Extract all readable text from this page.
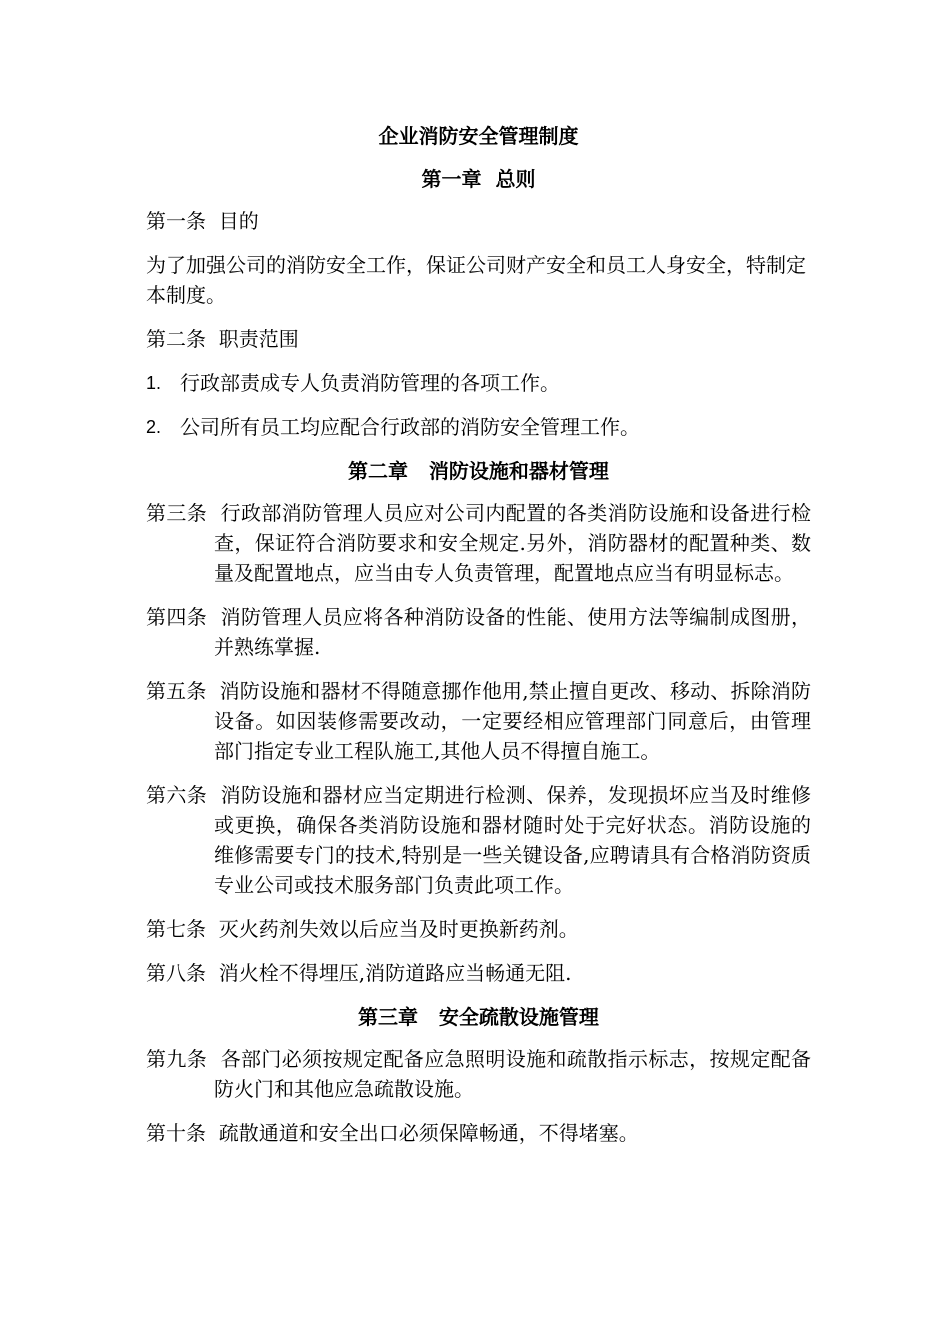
企业消防安全管理制度
第一章  总则
第一条  目的
为了加强公司的消防安全工作，保证公司财产安全和员工人身安全，特制定本制度。
第二条  职责范围
1. 行政部责成专人负责消防管理的各项工作。
2. 公司所有员工均应配合行政部的消防安全管理工作。
第二章   消防设施和器材管理
第三条  行政部消防管理人员应对公司内配置的各类消防设施和设备进行检查，保证符合消防要求和安全规定.另外，消防器材的配置种类、数量及配置地点，应当由专人负责管理，配置地点应当有明显标志。
第四条  消防管理人员应将各种消防设备的性能、使用方法等编制成图册，并熟练掌握.
第五条  消防设施和器材不得随意挪作他用,禁止擅自更改、移动、拆除消防设备。如因装修需要改动，一定要经相应管理部门同意后，由管理部门指定专业工程队施工,其他人员不得擅自施工。
第六条  消防设施和器材应当定期进行检测、保养，发现损坏应当及时维修或更换，确保各类消防设施和器材随时处于完好状态。消防设施的维修需要专门的技术,特别是一些关键设备,应聘请具有合格消防资质专业公司或技术服务部门负责此项工作。
第七条  灭火药剂失效以后应当及时更换新药剂。
第八条  消火栓不得埋压,消防道路应当畅通无阻.
第三章   安全疏散设施管理
第九条  各部门必须按规定配备应急照明设施和疏散指示标志，按规定配备防火门和其他应急疏散设施。
第十条  疏散通道和安全出口必须保障畅通，不得堵塞。
